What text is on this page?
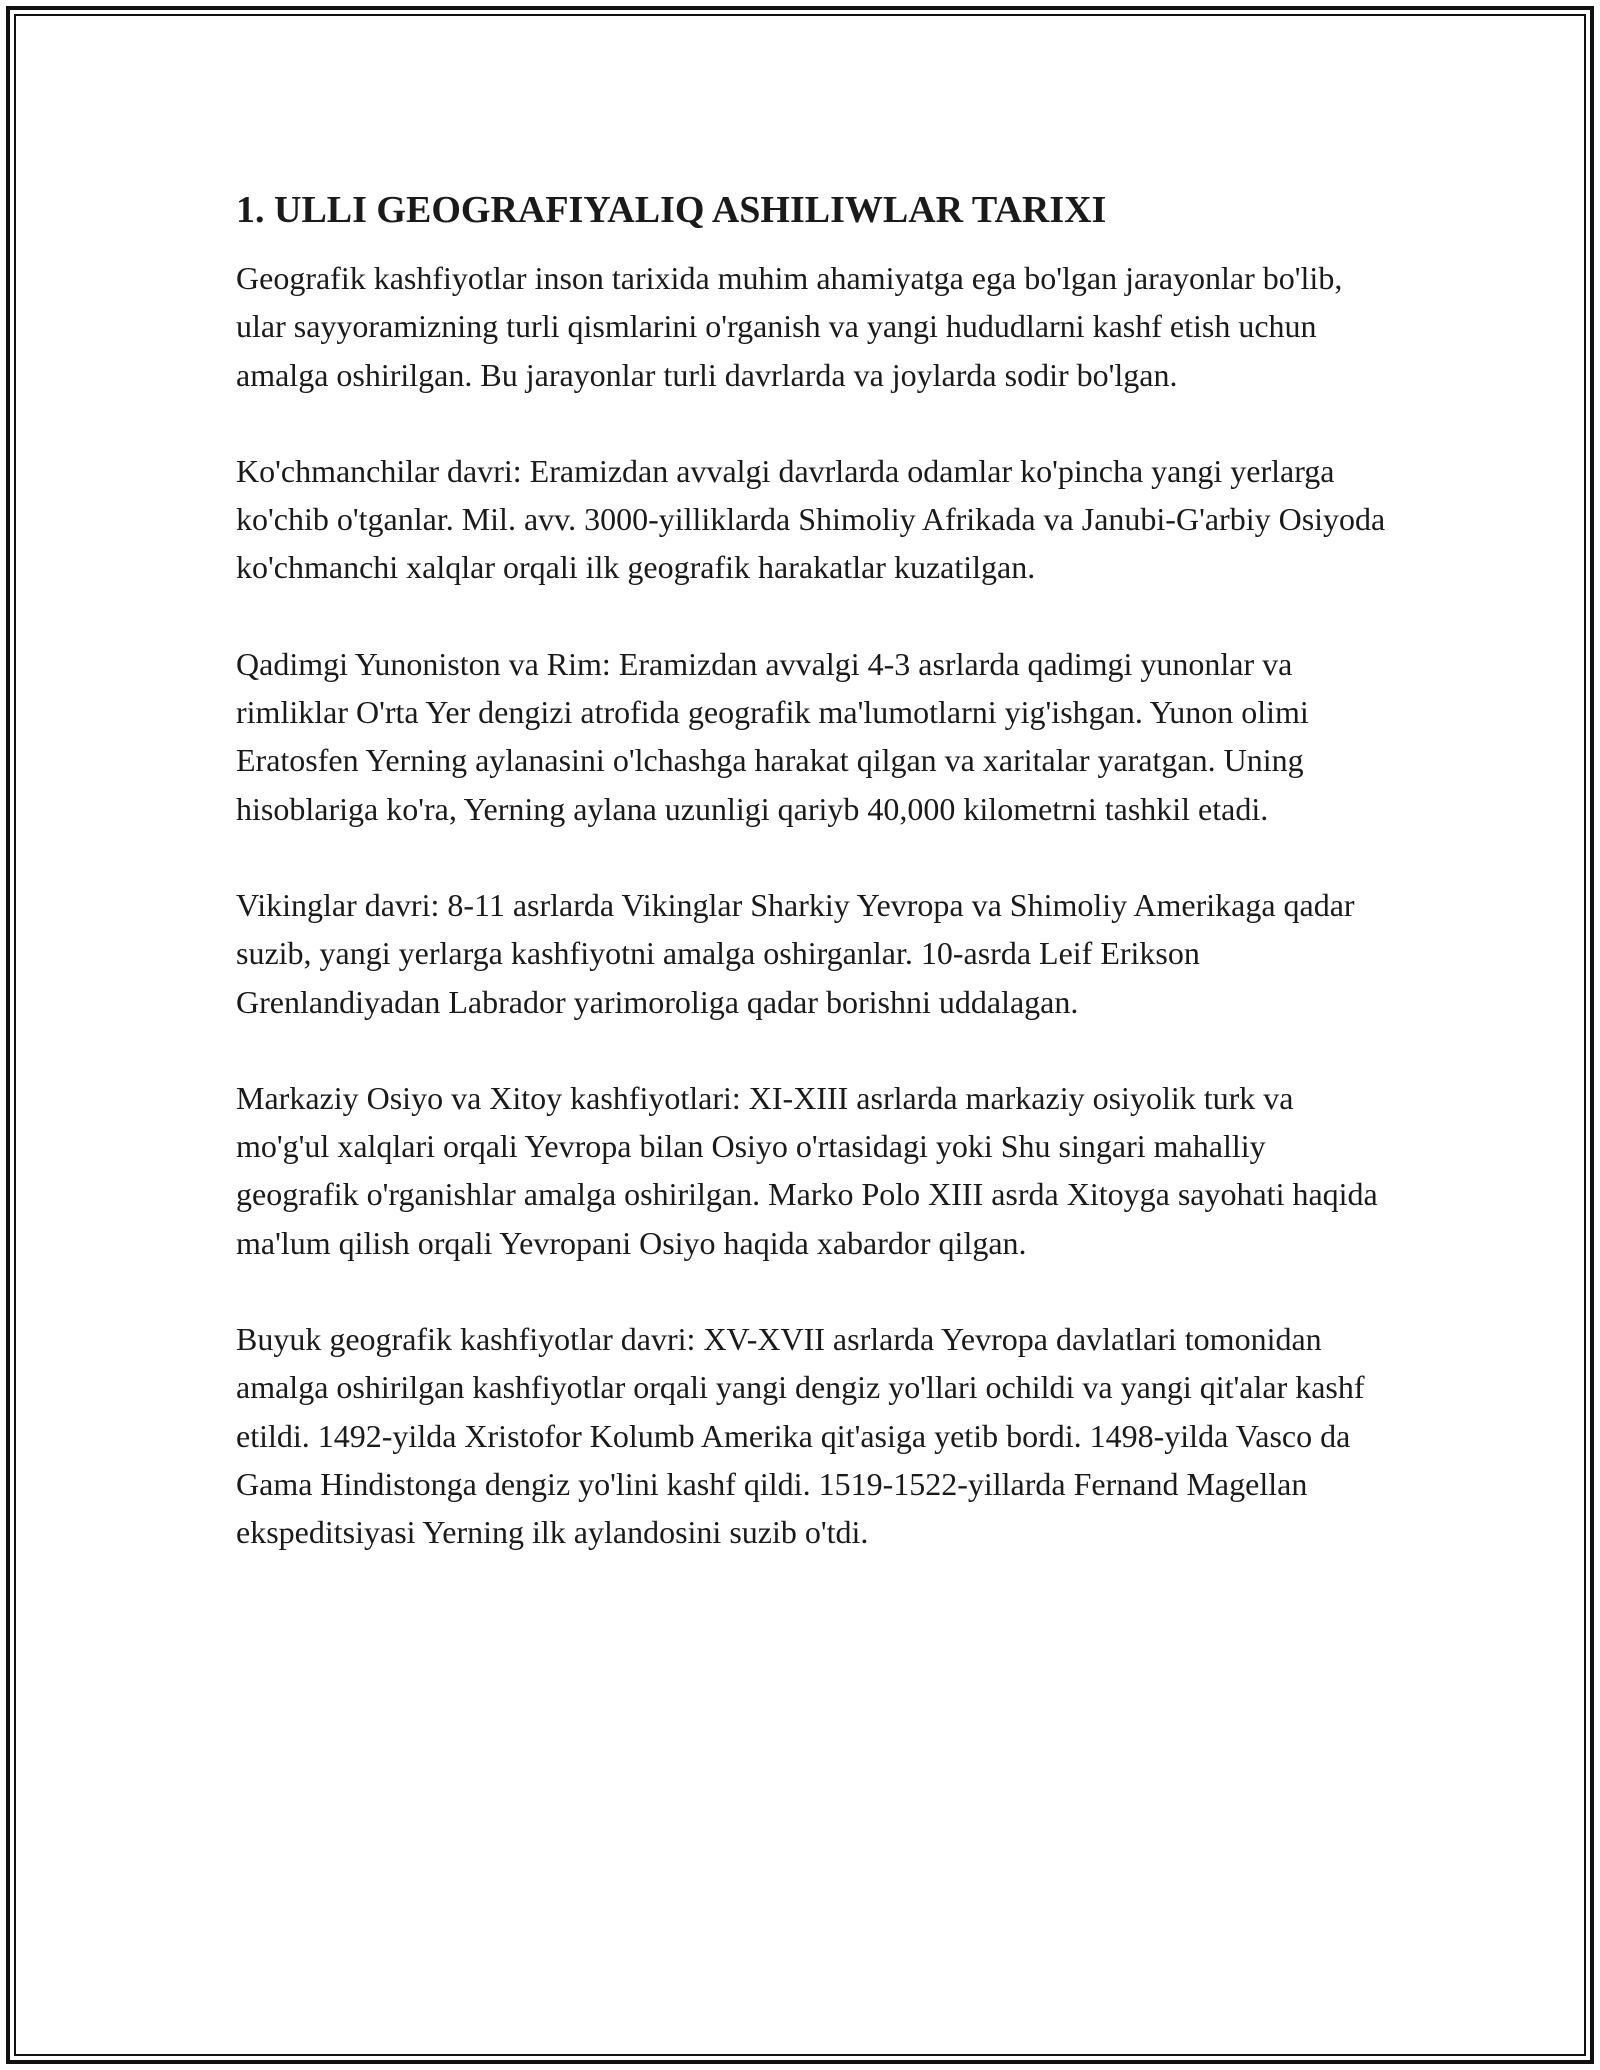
1. ULLI GEOGRAFIYALIQ ASHILIWLAR TARIXI

Geografik kashfiyotlar inson tarixida muhim ahamiyatga ega bo'lgan jarayonlar bo'lib, ular sayyoramizning turli qismlarini o'rganish va yangi hududlarni kashf etish uchun amalga oshirilgan. Bu jarayonlar turli davrlarda va joylarda sodir bo'lgan.

Ko'chmanchilar davri: Eramizdan avvalgi davrlarda odamlar ko'pincha yangi yerlarga ko'chib o'tganlar. Mil. avv. 3000-yilliklarda Shimoliy Afrikada va Janubi-G'arbiy Osiyoda ko'chmanchi xalqlar orqali ilk geografik harakatlar kuzatilgan.

Qadimgi Yunoniston va Rim: Eramizdan avvalgi 4-3 asrlarda qadimgi yunonlar va rimliklar O'rta Yer dengizi atrofida geografik ma'lumotlarni yig'ishgan. Yunon olimi Eratosfen Yerning aylanasini o'lchashga harakat qilgan va xaritalar yaratgan. Uning hisoblariga ko'ra, Yerning aylana uzunligi qariyb 40,000 kilometrni tashkil etadi.

Vikinglar davri: 8-11 asrlarda Vikinglar Sharkiy Yevropa va Shimoliy Amerikaga qadar suzib, yangi yerlarga kashfiyotni amalga oshirganlar. 10-asrda Leif Erikson Grenlandiyadan Labrador yarimoroliga qadar borishni uddalagan.

Markaziy Osiyo va Xitoy kashfiyotlari: XI-XIII asrlarda markaziy osiyolik turk va mo'g'ul xalqlari orqali Yevropa bilan Osiyo o'rtasidagi yoki Shu singari mahalliy geografik o'rganishlar amalga oshirilgan. Marko Polo XIII asrda Xitoyga sayohati haqida ma'lum qilish orqali Yevropani Osiyo haqida xabardor qilgan.

Buyuk geografik kashfiyotlar davri: XV-XVII asrlarda Yevropa davlatlari tomonidan amalga oshirilgan kashfiyotlar orqali yangi dengiz yo'llari ochildi va yangi qit'alar kashf etildi. 1492-yilda Xristofor Kolumb Amerika qit'asiga yetib bordi. 1498-yilda Vasco da Gama Hindistonga dengiz yo'lini kashf qildi. 1519-1522-yillarda Fernand Magellan ekspeditsiyasi Yerning ilk aylandosini suzib o'tdi.
